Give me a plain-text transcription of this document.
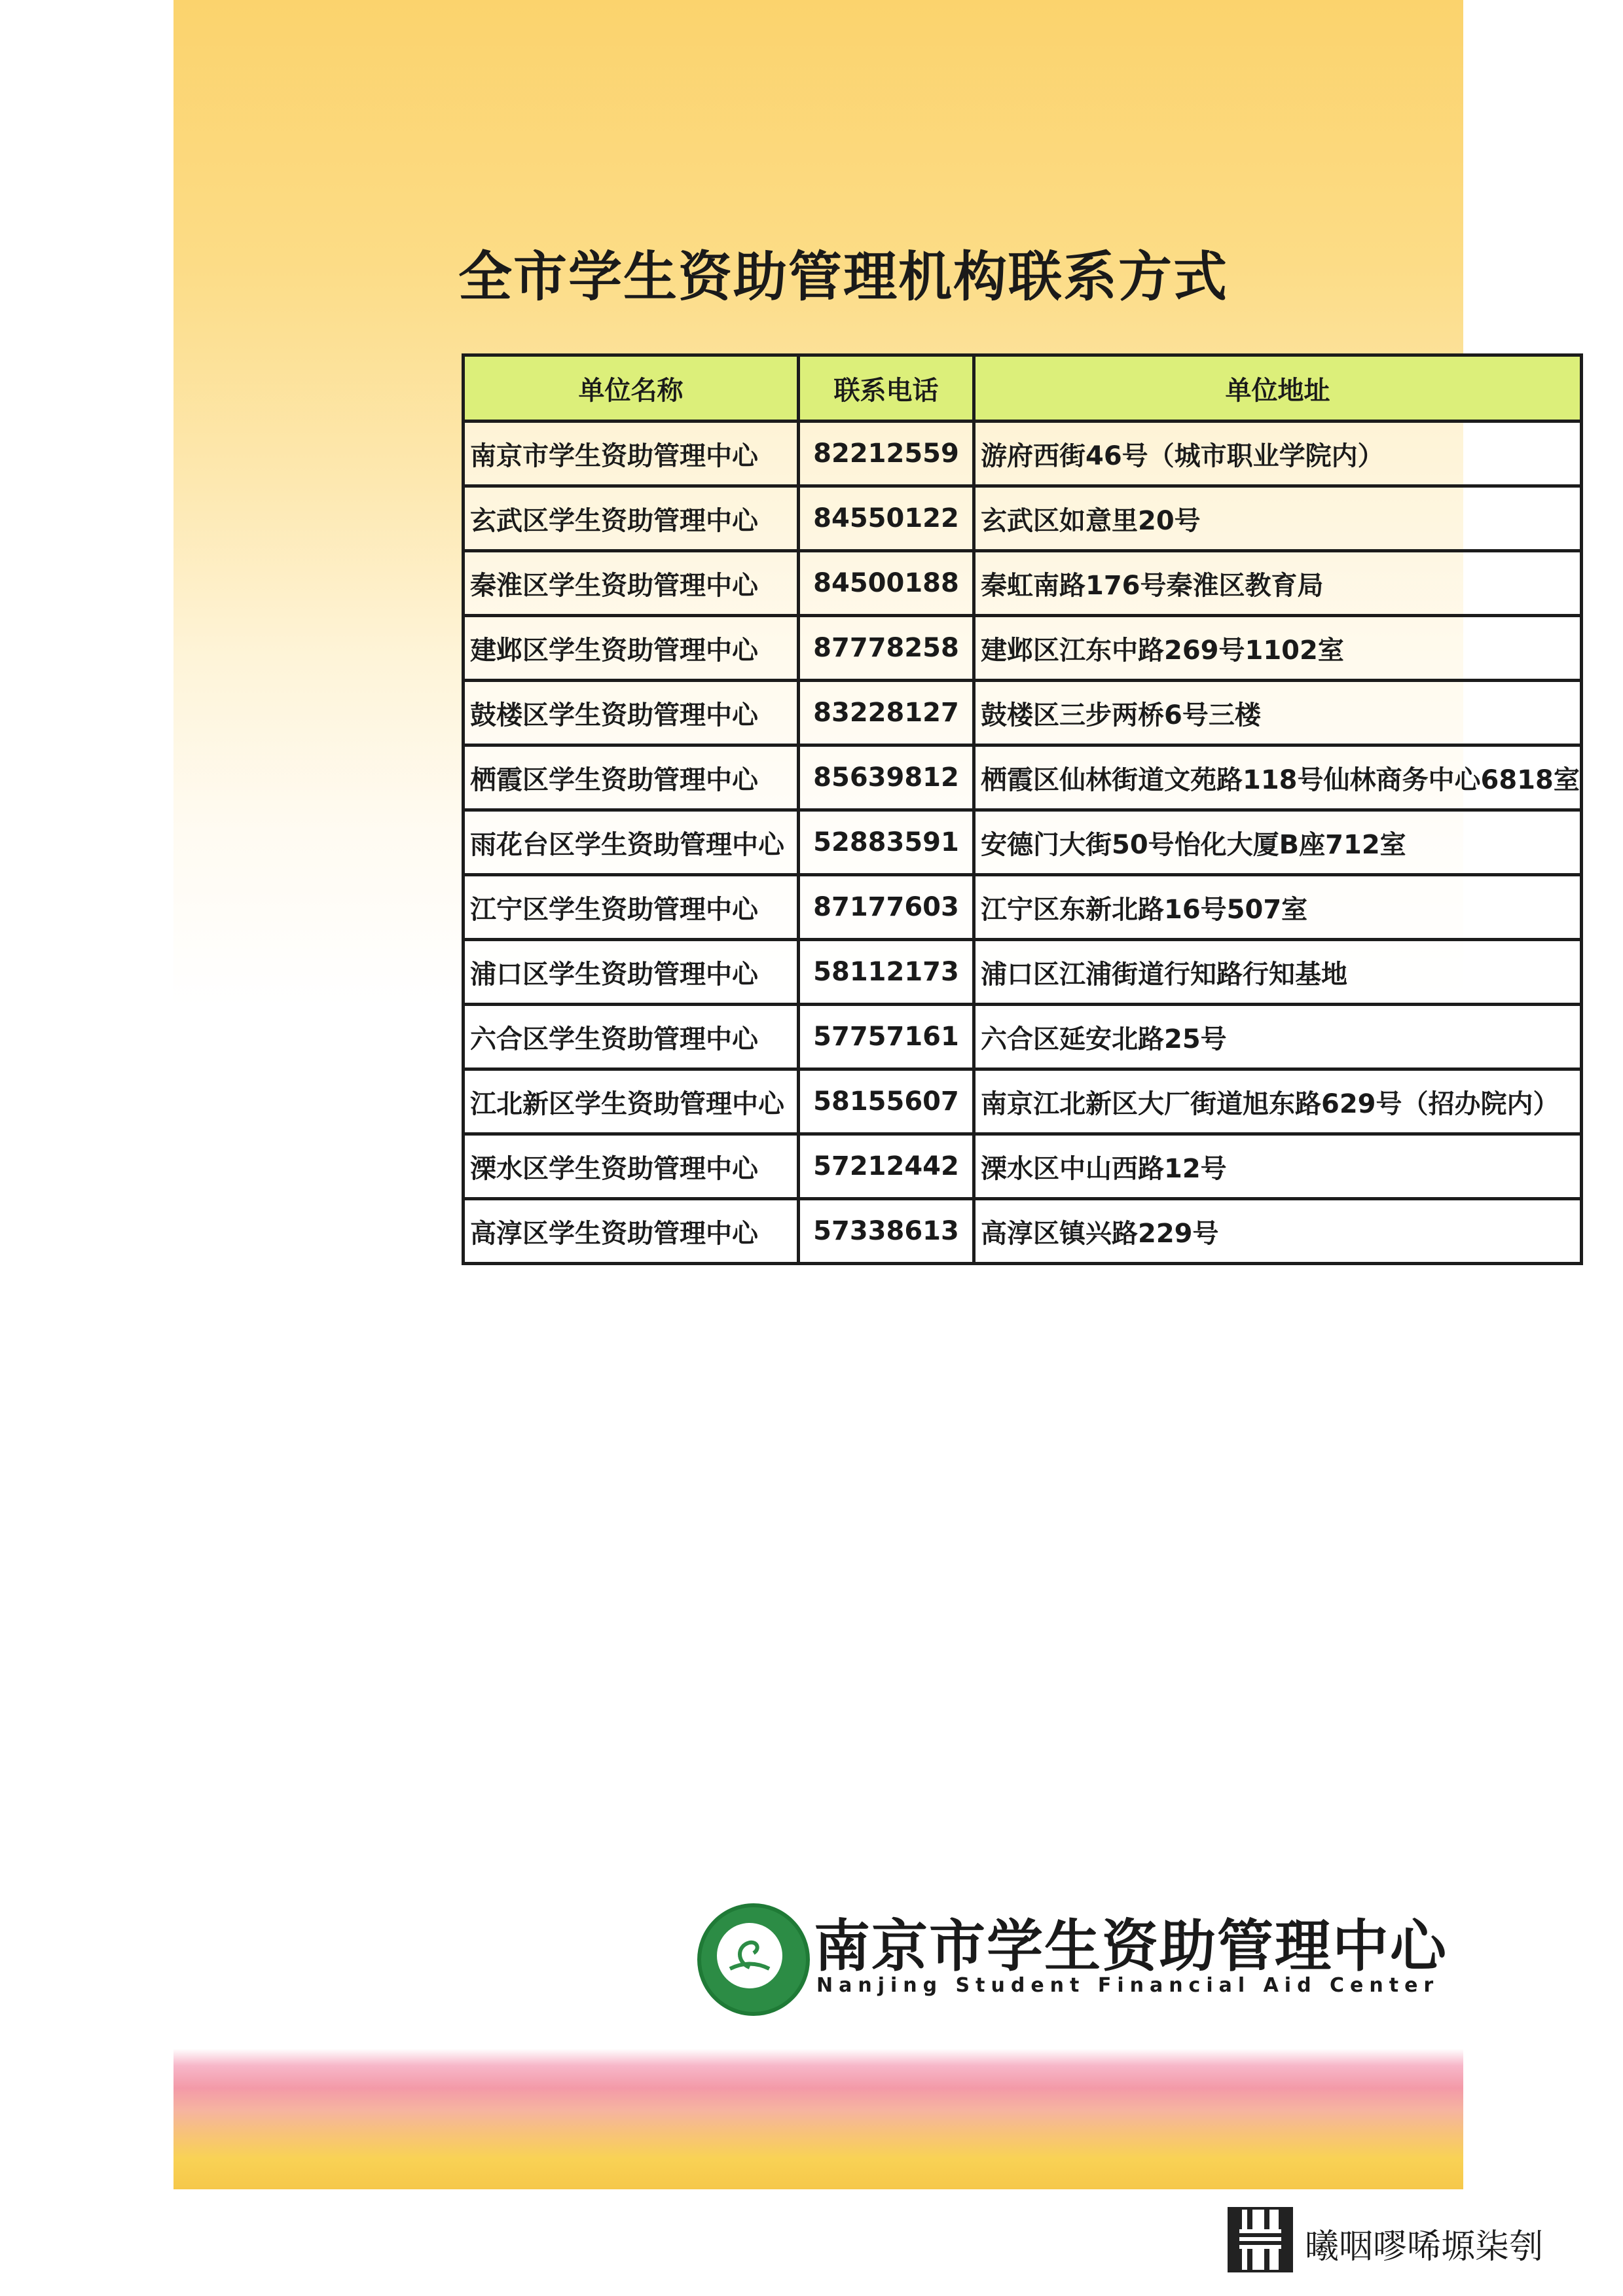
全市学生资助管理机构联系方式
单位名称	联系电话	单位地址
南京市学生资助管理中心	82212559	游府西街46号（城市职业学院内）
玄武区学生资助管理中心	84550122	玄武区如意里20号
秦淮区学生资助管理中心	84500188	秦虹南路176号秦淮区教育局
建邺区学生资助管理中心	87778258	建邺区江东中路269号1102室
鼓楼区学生资助管理中心	83228127	鼓楼区三步两桥6号三楼
栖霞区学生资助管理中心	85639812	栖霞区仙林街道文苑路118号仙林商务中心6818室
雨花台区学生资助管理中心	52883591	安德门大街50号怡化大厦B座712室
江宁区学生资助管理中心	87177603	江宁区东新北路16号507室
浦口区学生资助管理中心	58112173	浦口区江浦街道行知路行知基地
六合区学生资助管理中心	57757161	六合区延安北路25号
江北新区学生资助管理中心	58155607	南京江北新区大厂街道旭东路629号（招办院内）
溧水区学生资助管理中心	57212442	溧水区中山西路12号
高淳区学生资助管理中心	57338613	高淳区镇兴路229号
南京市学生资助管理中心
Nanjing Student Financial Aid Center
曦咽嘐唏塬柒刳
